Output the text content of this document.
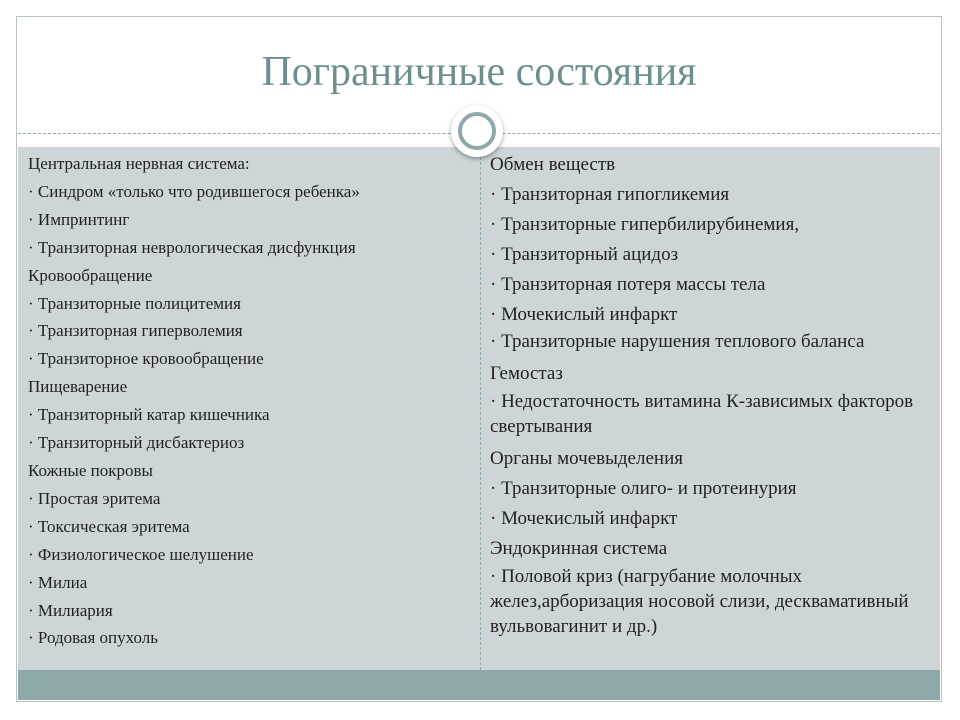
Пограничные состояния
Центральная нервная система:
· Синдром «только что родившегося ребенка»
· Импринтинг
· Транзиторная неврологическая дисфункция
Кровообращение
· Транзиторные полицитемия
· Транзиторная гиперволемия
· Транзиторное кровообращение
Пищеварение
· Транзиторный катар кишечника
· Транзиторный дисбактериоз
Кожные покровы
· Простая эритема
· Токсическая эритема
· Физиологическое шелушение
· Милиа
· Милиария
· Родовая опухоль
Обмен веществ
· Транзиторная гипогликемия
· Транзиторные гипербилирубинемия,
· Транзиторный ацидоз
· Транзиторная потеря массы тела
· Мочекислый инфаркт
· Транзиторные нарушения теплового баланса
Гемостаз
· Недостаточность витамина К-зависимых факторов свертывания
Органы мочевыделения
· Транзиторные олиго- и протеинурия
· Мочекислый инфаркт
Эндокринная система
· Половой криз (нагрубание молочных желез,арборизация носовой слизи, десквамативный вульвовагинит и др.)
